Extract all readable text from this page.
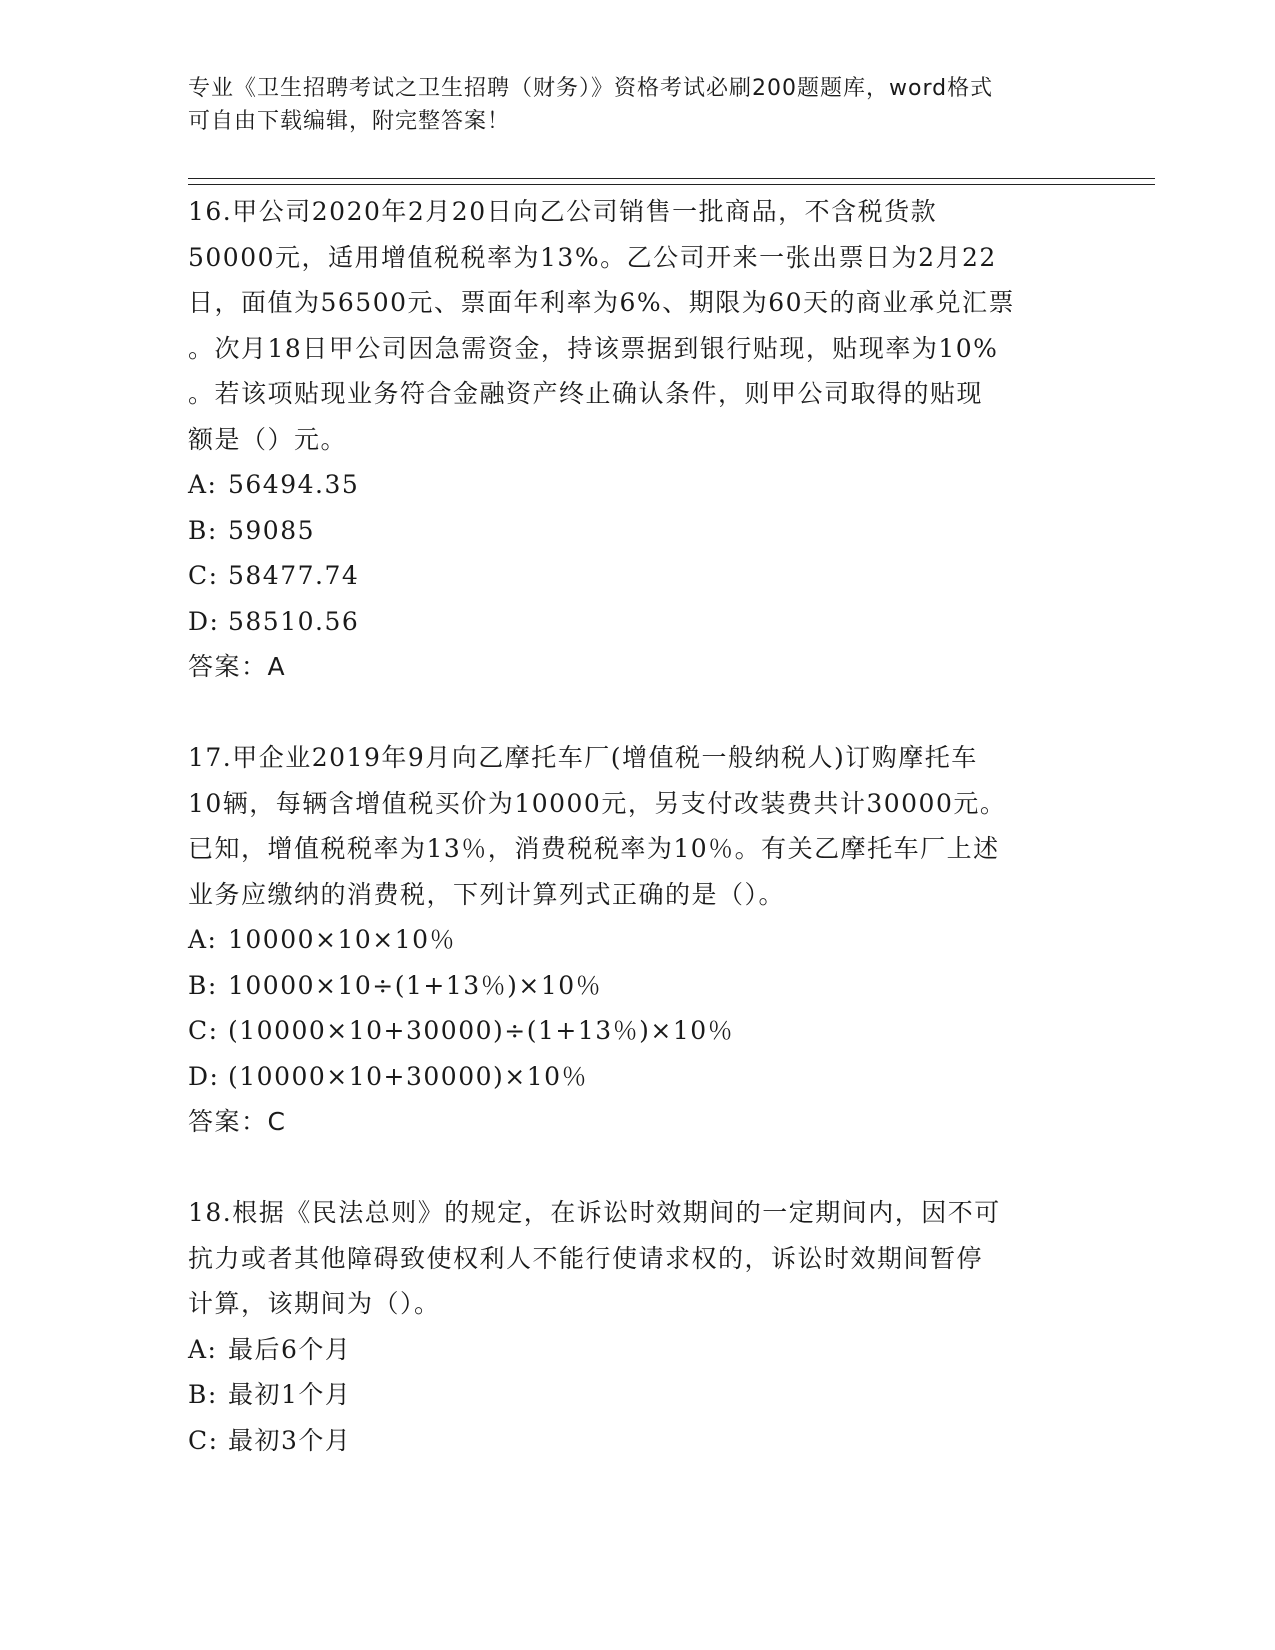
专业《卫生招聘考试之卫生招聘（财务）》资格考试必刷200题题库，word格式
可自由下载编辑，附完整答案！
16.甲公司2020年2月20日向乙公司销售一批商品，不含税货款
50000元，适用增值税税率为13%。乙公司开来一张出票日为2月22
日，面值为56500元、票面年利率为6%、期限为60天的商业承兑汇票
。次月18日甲公司因急需资金，持该票据到银行贴现，贴现率为10%
。若该项贴现业务符合金融资产终止确认条件，则甲公司取得的贴现
额是（）元。
A: 56494.35
B: 59085
C: 58477.74
D: 58510.56
答案：A
17.甲企业2019年9月向乙摩托车厂(增值税一般纳税人)订购摩托车
10辆，每辆含增值税买价为10000元，另支付改装费共计30000元。
已知，增值税税率为13％，消费税税率为10％。有关乙摩托车厂上述
业务应缴纳的消费税，下列计算列式正确的是（）。
A: 10000×10×10％
B: 10000×10÷(1+13％)×10％
C: (10000×10+30000)÷(1+13％)×10％
D: (10000×10+30000)×10％
答案：C
18.根据《民法总则》的规定，在诉讼时效期间的一定期间内，因不可
抗力或者其他障碍致使权利人不能行使请求权的，诉讼时效期间暂停
计算，该期间为（）。
A: 最后6个月
B: 最初1个月
C: 最初3个月
